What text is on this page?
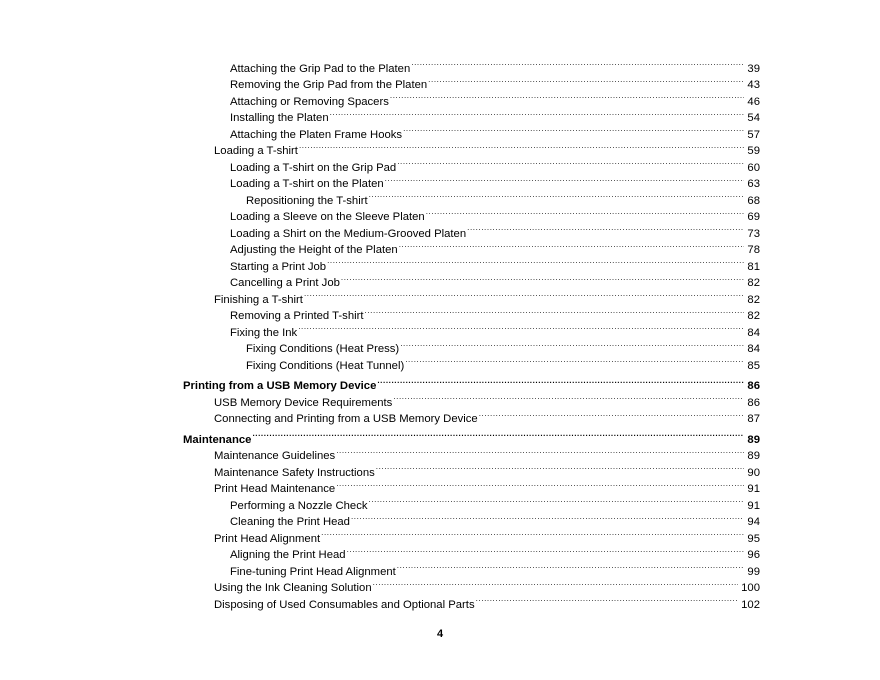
Attaching the Grip Pad to the Platen .....	39
Removing the Grip Pad from the Platen .....	43
Attaching or Removing Spacers .....	46
Installing the Platen .....	54
Attaching the Platen Frame Hooks .....	57
Loading a T-shirt .....	59
Loading a T-shirt on the Grip Pad .....	60
Loading a T-shirt on the Platen .....	63
Repositioning the T-shirt .....	68
Loading a Sleeve on the Sleeve Platen .....	69
Loading a Shirt on the Medium-Grooved Platen .....	73
Adjusting the Height of the Platen .....	78
Starting a Print Job .....	81
Cancelling a Print Job .....	82
Finishing a T-shirt .....	82
Removing a Printed T-shirt .....	82
Fixing the Ink .....	84
Fixing Conditions (Heat Press) .....	84
Fixing Conditions (Heat Tunnel) .....	85
Printing from a USB Memory Device .....	86
USB Memory Device Requirements .....	86
Connecting and Printing from a USB Memory Device .....	87
Maintenance .....	89
Maintenance Guidelines .....	89
Maintenance Safety Instructions .....	90
Print Head Maintenance .....	91
Performing a Nozzle Check .....	91
Cleaning the Print Head .....	94
Print Head Alignment .....	95
Aligning the Print Head .....	96
Fine-tuning Print Head Alignment .....	99
Using the Ink Cleaning Solution .....	100
Disposing of Used Consumables and Optional Parts .....	102
4
